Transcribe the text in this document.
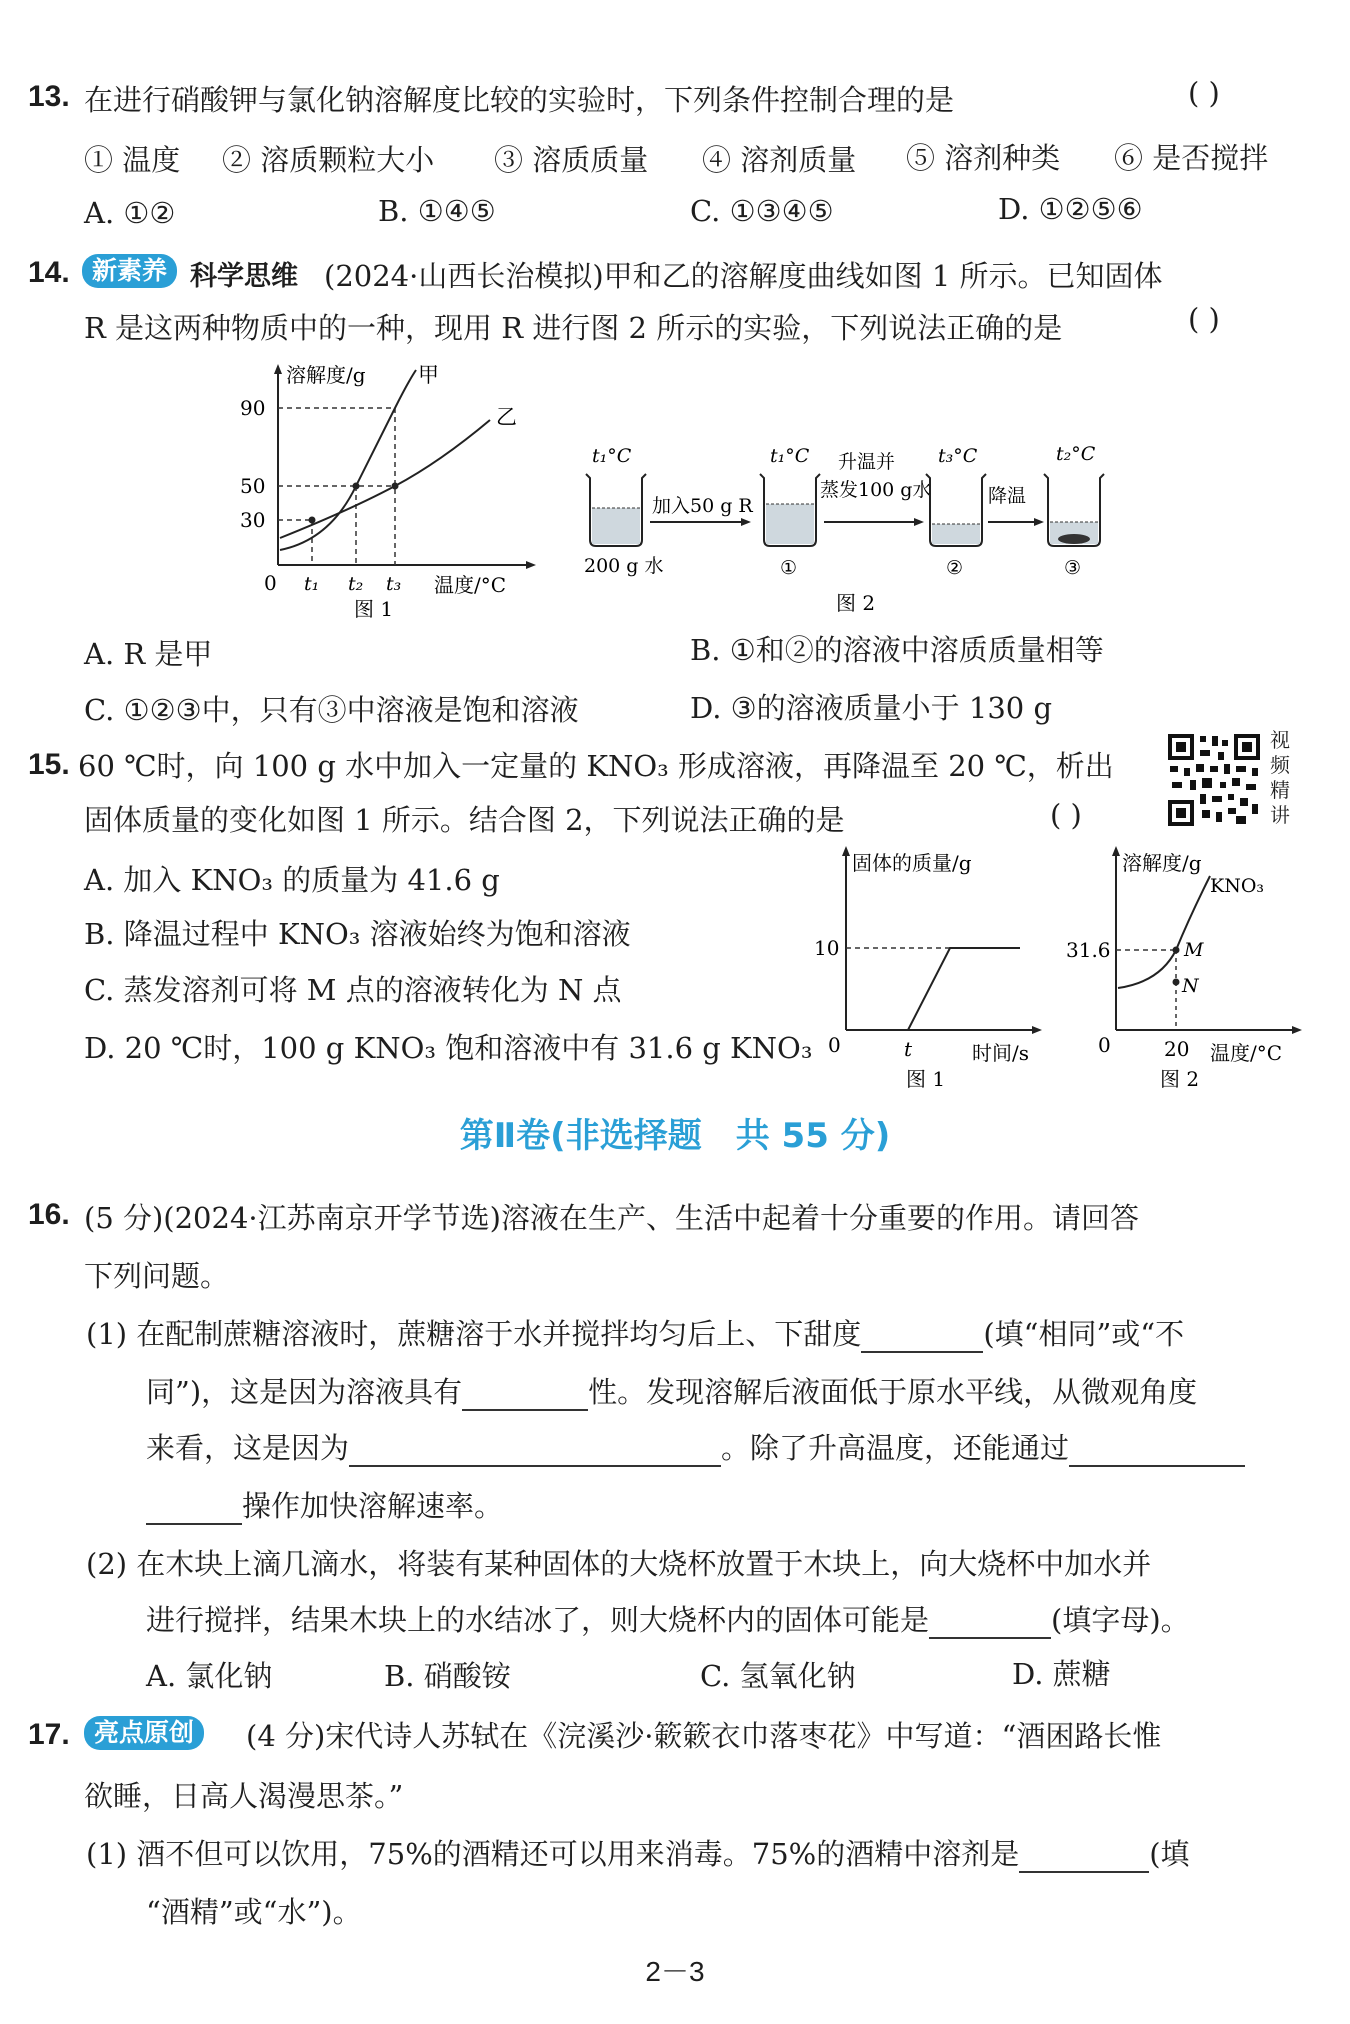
13. 在进行硝酸钾与氯化钠溶解度比较的实验时，下列条件控制合理的是	( )
① 温度 ② 溶质颗粒大小 ③ 溶质质量 ④ 溶剂质量 ⑤ 溶剂种类 ⑥ 是否搅拌
A. ①②	B. ①④⑤	C. ①③④⑤	D. ①②⑤⑥
14. 新素养 科学思维 (2024·山西长治模拟)甲和乙的溶解度曲线如图 1 所示。已知固体
R 是这两种物质中的一种，现用 R 进行图 2 所示的实验，下列说法正确的是	( )
溶解度/g 甲
乙
90
50
30
0 t₁ t₂ t₃ 温度/°C
图 1
t₁°C
200 g 水
加入50 g R
t₁°C
①
升温并
蒸发100 g水
t₃°C
②
降温
t₂°C
③
图 2
A. R 是甲	B. ①和②的溶液中溶质质量相等
C. ①②③中，只有③中溶液是饱和溶液	D. ③的溶液质量小于 130 g
15. 60 ℃时，向 100 g 水中加入一定量的 KNO₃ 形成溶液，再降温至 20 ℃，析出
固体质量的变化如图 1 所示。结合图 2，下列说法正确的是	( )
视
频
精
讲
A. 加入 KNO₃ 的质量为 41.6 g
B. 降温过程中 KNO₃ 溶液始终为饱和溶液
C. 蒸发溶剂可将 M 点的溶液转化为 N 点
D. 20 ℃时，100 g KNO₃ 饱和溶液中有 31.6 g KNO₃
固体的质量/g
10
0	t	时间/s
图 1
溶解度/g
KNO₃
31.6	M
N
0	20 温度/°C
图 2
第Ⅱ卷(非选择题　共 55 分)
16. (5 分)(2024·江苏南京开学节选)溶液在生产、生活中起着十分重要的作用。请回答
下列问题。
(1) 在配制蔗糖溶液时，蔗糖溶于水并搅拌均匀后上、下甜度	(填“相同”或“不
同”)，这是因为溶液具有	性。发现溶解后液面低于原水平线，从微观角度
来看，这是因为	。除了升高温度，还能通过
操作加快溶解速率。
(2) 在木块上滴几滴水，将装有某种固体的大烧杯放置于木块上，向大烧杯中加水并
进行搅拌，结果木块上的水结冰了，则大烧杯内的固体可能是	(填字母)。
A. 氯化钠	B. 硝酸铵	C. 氢氧化钠	D. 蔗糖
17. 亮点原创	(4 分)宋代诗人苏轼在《浣溪沙·簌簌衣巾落枣花》中写道：“酒困路长惟
欲睡，日高人渴漫思茶。”
(1) 酒不但可以饮用，75%的酒精还可以用来消毒。75%的酒精中溶剂是	(填
“酒精”或“水”)。
2－3
